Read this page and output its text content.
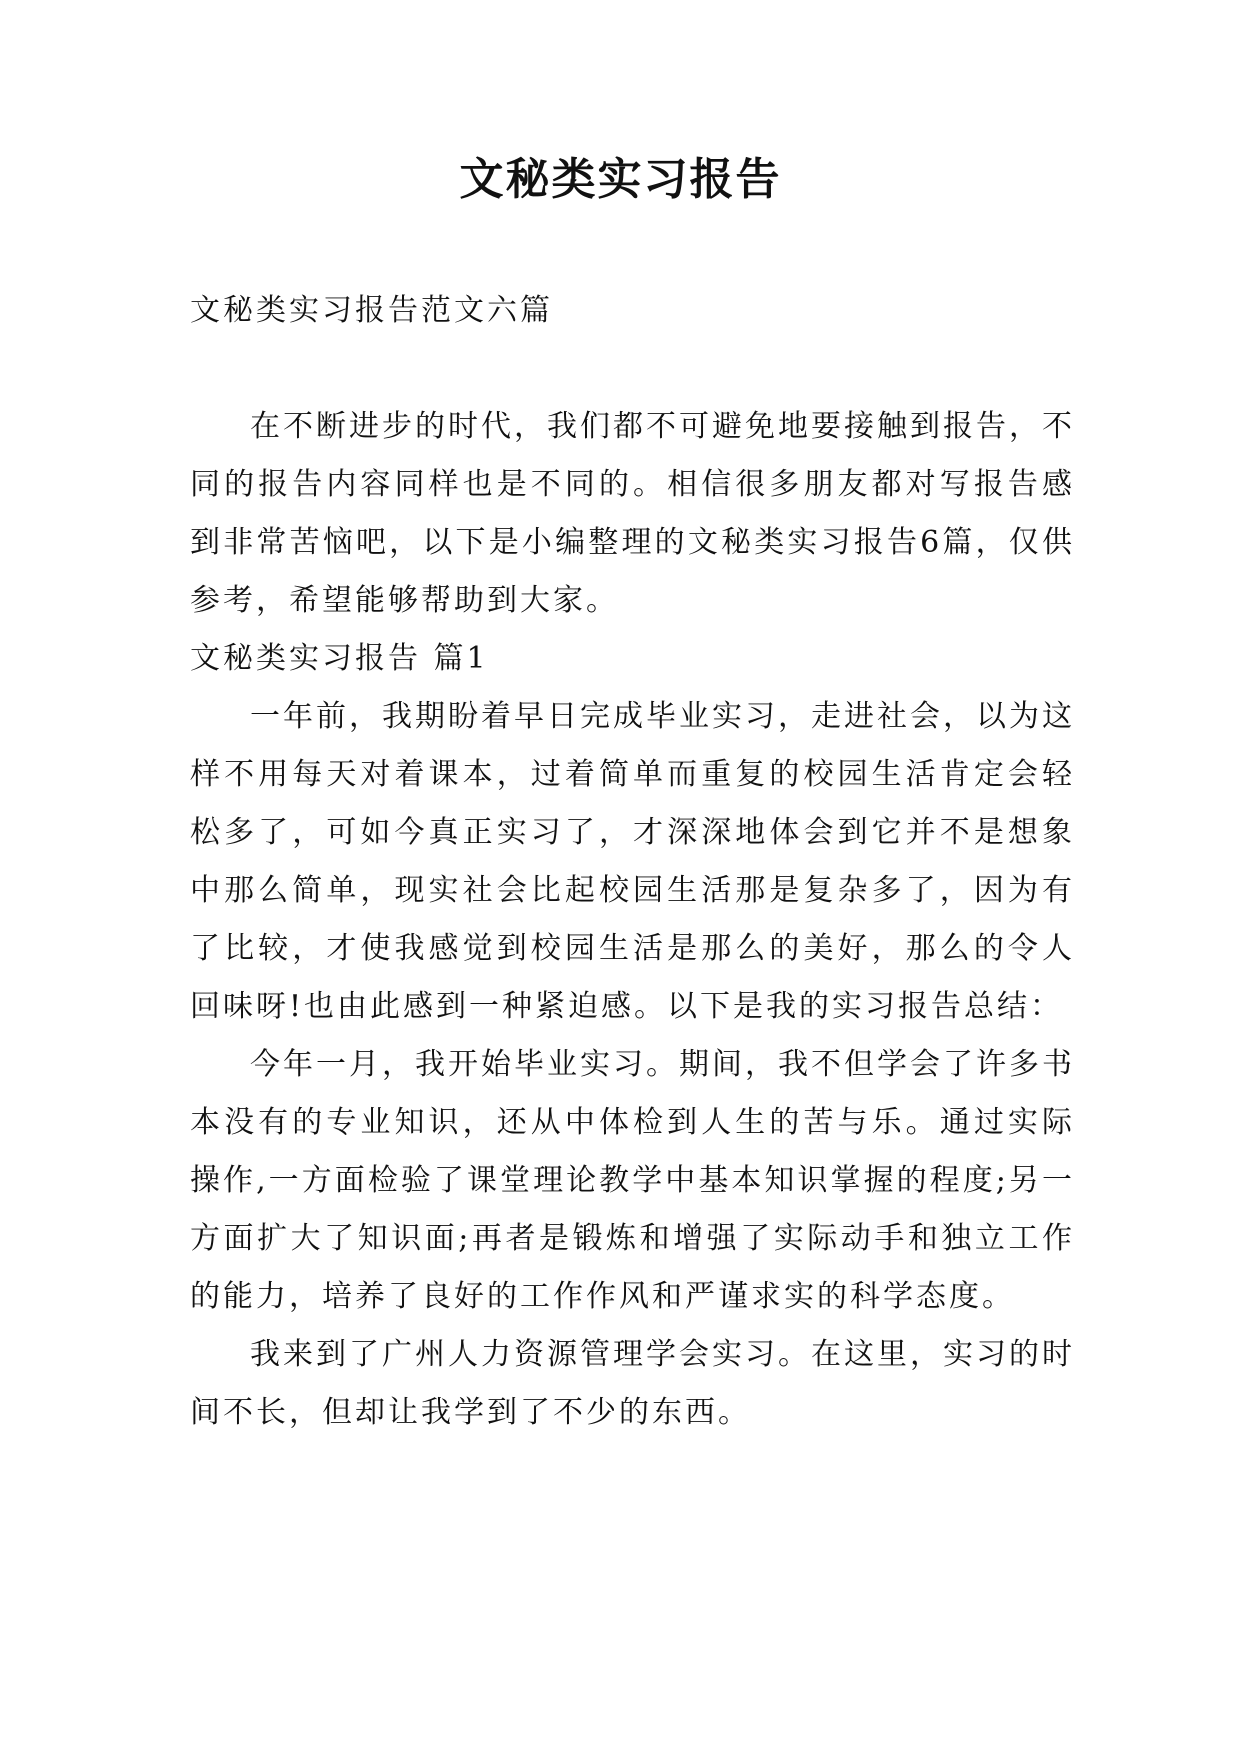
文秘类实习报告

文秘类实习报告范文六篇

在不断进步的时代，我们都不可避免地要接触到报告，不同的报告内容同样也是不同的。相信很多朋友都对写报告感到非常苦恼吧，以下是小编整理的文秘类实习报告6篇，仅供参考，希望能够帮助到大家。

文秘类实习报告 篇1

一年前，我期盼着早日完成毕业实习，走进社会，以为这样不用每天对着课本，过着简单而重复的校园生活肯定会轻松多了，可如今真正实习了，才深深地体会到它并不是想象中那么简单，现实社会比起校园生活那是复杂多了，因为有了比较，才使我感觉到校园生活是那么的美好，那么的令人回味呀!也由此感到一种紧迫感。以下是我的实习报告总结：

今年一月，我开始毕业实习。期间，我不但学会了许多书本没有的专业知识，还从中体检到人生的苦与乐。通过实际操作,一方面检验了课堂理论教学中基本知识掌握的程度;另一方面扩大了知识面;再者是锻炼和增强了实际动手和独立工作的能力，培养了良好的工作作风和严谨求实的科学态度。

我来到了广州人力资源管理学会实习。在这里，实习的时间不长，但却让我学到了不少的东西。
